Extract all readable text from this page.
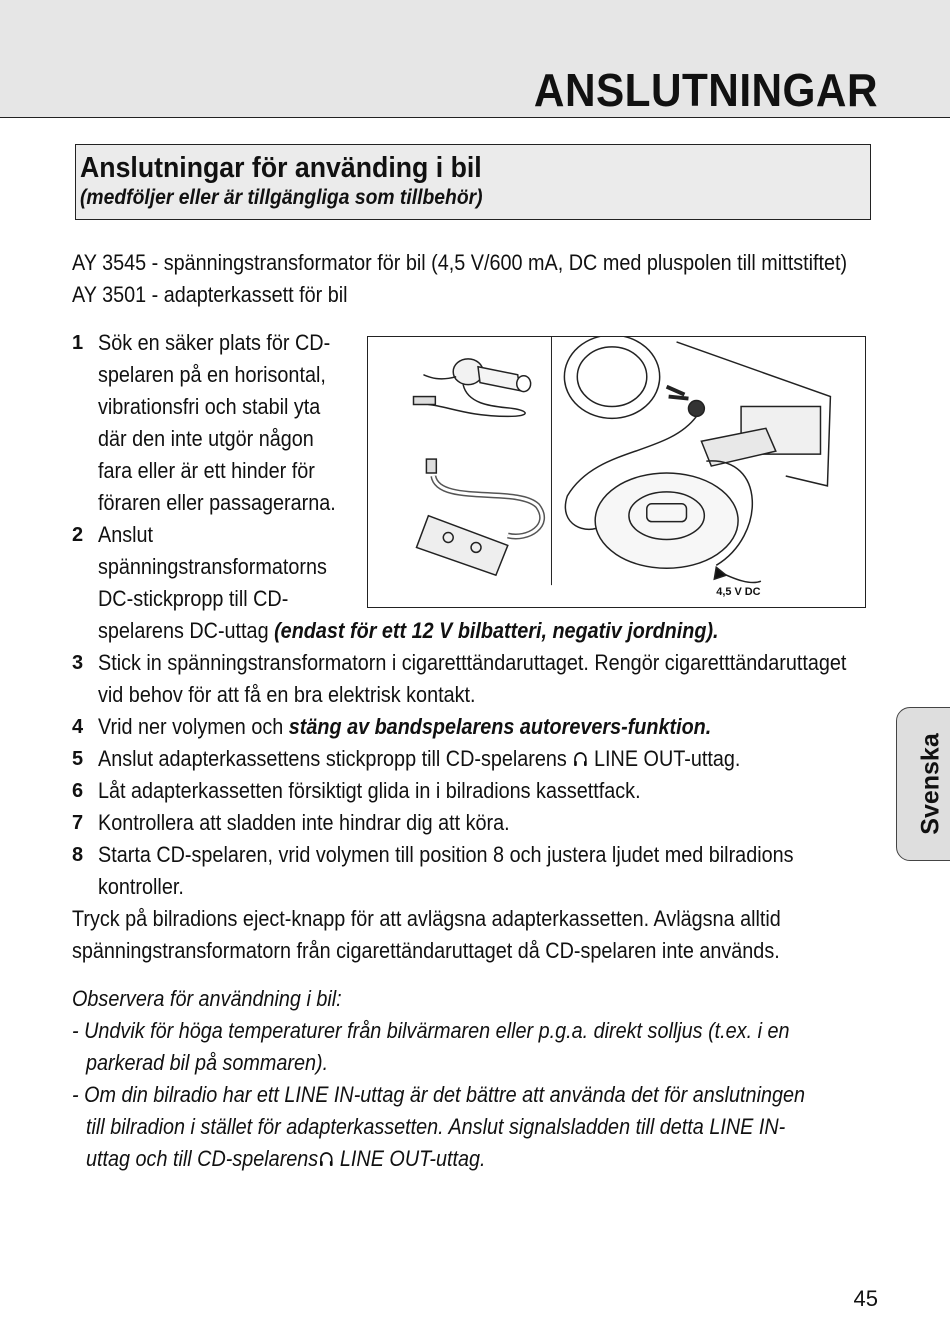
ANSLUTNINGAR
Anslutningar för använding i bil
(medföljer eller är tillgängliga som tillbehör)
AY 3545 - spänningstransformator för bil (4,5 V/600 mA, DC med pluspolen till mittstiftet)
AY 3501 - adapterkassett för bil
1 Sök en säker plats för CD-
spelaren på en horisontal,
vibrationsfri och stabil yta
där den inte utgör någon
fara eller är ett hinder för
föraren eller passagerarna.
2 Anslut
spänningstransformatorns
DC-stickpropp till CD-
spelarens DC-uttag (endast för ett 12 V bilbatteri, negativ jordning).
3 Stick in spänningstransformatorn i cigaretttändaruttaget. Rengör cigaretttändaruttaget
vid behov för att få en bra elektrisk kontakt.
4 Vrid ner volymen och stäng av bandspelarens autorevers-funktion.
5 Anslut adapterkassettens stickpropp till CD-spelarens  LINE OUT-uttag.
6 Låt adapterkassetten försiktigt glida in i bilradions kassettfack.
7 Kontrollera att sladden inte hindrar dig att köra.
8 Starta CD-spelaren, vrid volymen till position 8 och justera ljudet med bilradions
kontroller.
Tryck på bilradions eject-knapp för att avlägsna adapterkassetten. Avlägsna alltid
spänningstransformatorn från cigarettändaruttaget då CD-spelaren inte används.
Observera för användning i bil:
- Undvik för höga temperaturer från bilvärmaren eller p.g.a. direkt solljus (t.ex. i en
parkerad bil på sommaren).
- Om din bilradio har ett LINE IN-uttag är det bättre att använda det för anslutningen
till bilradion i stället för adapterkassetten. Anslut signalsladden till detta LINE IN-
uttag och till CD-spelarens LINE OUT-uttag.
4,5 V DC
Svenska
45
